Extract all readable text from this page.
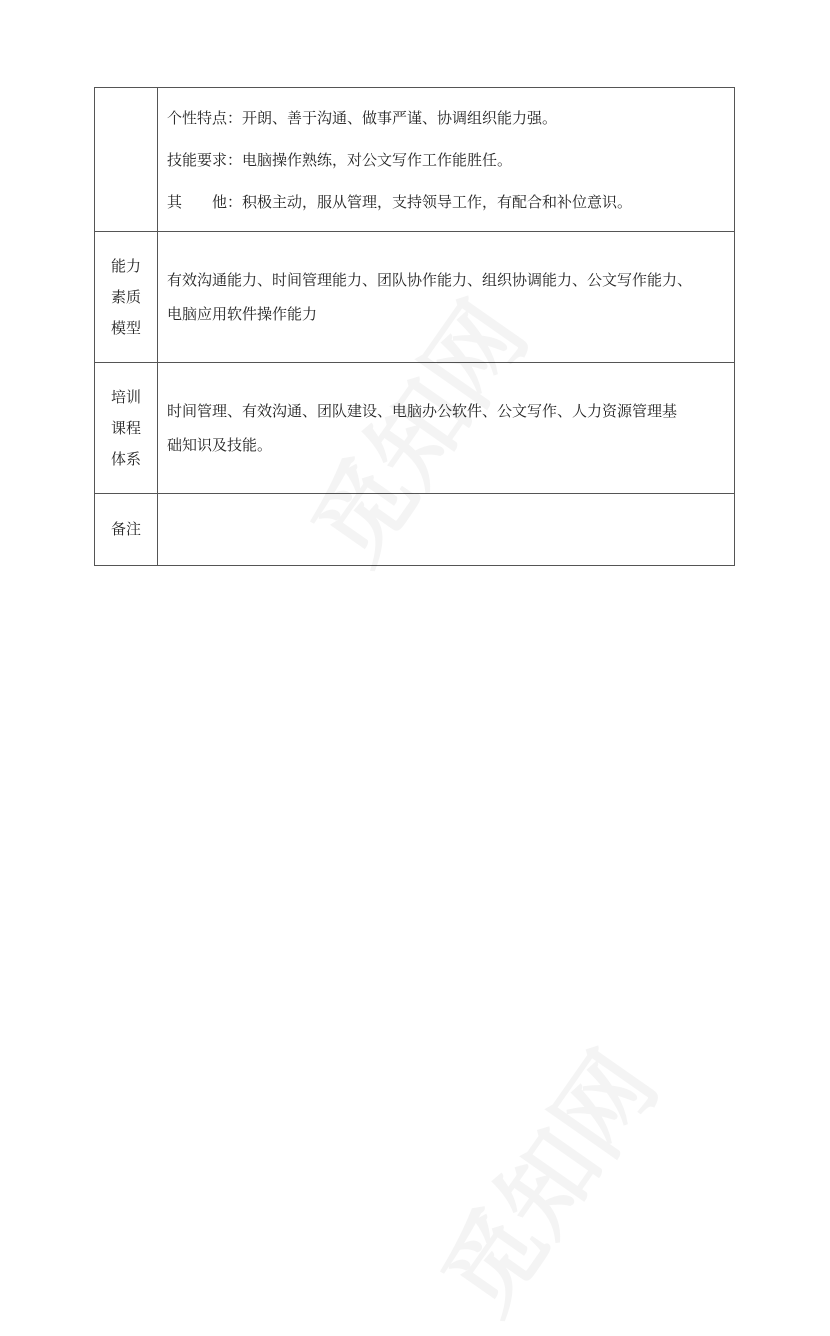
	个性特点：开朗、善于沟通、做事严谨、协调组织能力强。
技能要求：电脑操作熟练，对公文写作工作能胜任。
其　　他：积极主动，服从管理，支持领导工作，有配合和补位意识。

能力
素质
模型	有效沟通能力、时间管理能力、团队协作能力、组织协调能力、公文写作能力、
电脑应用软件操作能力

培训
课程
体系	时间管理、有效沟通、团队建设、电脑办公软件、公文写作、人力资源管理基
础知识及技能。

备注	
